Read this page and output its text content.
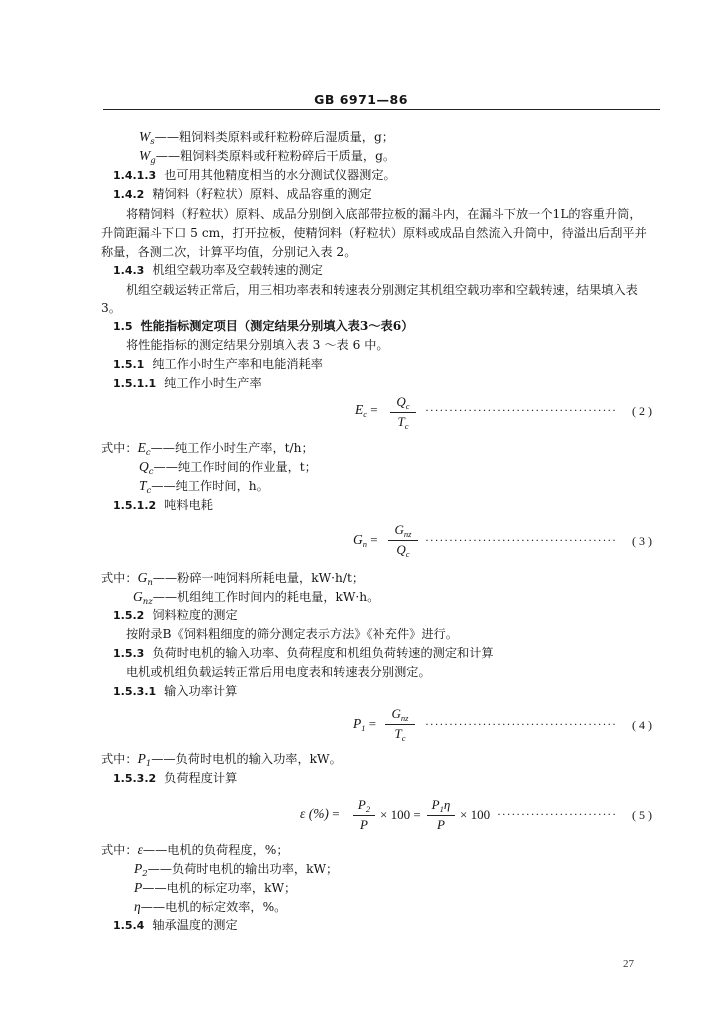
GB 6971—86
$W_s——$粗饲料类原料或秆粒粉碎后湿质量，g；
$W_g——$粗饲料类原料或秆粒粉碎后干质量，g。
1.4.1.3 也可用其他精度相当的水分测试仪器测定。
1.4.2 精饲料（籽粒状）原料、成品容重的测定
将精饲料（籽粒状）原料、成品分别倒入底部带拉板的漏斗内，在漏斗下放一个1L的容重升筒，
升筒距漏斗下口 5 cm，打开拉板，使精饲料（籽粒状）原料或成品自然流入升筒中，待溢出后刮平并
称量，各测二次，计算平均值，分别记入表 2。
1.4.3 机组空载功率及空载转速的测定
机组空载运转正常后，用三相功率表和转速表分别测定其机组空载功率和空载转速，结果填入表
3。
1.5 性能指标测定项目（测定结果分别填入表3～表6）
将性能指标的测定结果分别填入表 3 ～表 6 中。
1.5.1 纯工作小时生产率和电能消耗率
1.5.1.1 纯工作小时生产率
$E_c = \frac{Q_c}{T_c}$ ········································	( 2 )
式中：$E_c——$纯工作小时生产率，t/h；
$Q_c——$纯工作时间的作业量，t；
$T_c——$纯工作时间，h。
1.5.1.2 吨料电耗
$G_n$ =
$G_{nz}$
$Q_c$
········································	( 3 )
式中：$G_n——$粉碎一吨饲料所耗电量，kW·h/t；
$G_{nz}——$机组纯工作时间内的耗电量，kW·h。
1.5.2 饲料粒度的测定
按附录B《饲料粗细度的筛分测定表示方法》《补充件》进行。
1.5.3 负荷时电机的输入功率、负荷程度和机组负荷转速的测定和计算
电机或机组负载运转正常后用电度表和转速表分别测定。
1.5.3.1 输入功率计算
$P_1$ =
$G_{nz}$
$T_c$
········································	( 4 )
式中：$P_1——$负荷时电机的输入功率，kW。
1.5.3.2 负荷程度计算
ε (%) = $\frac{P_2}{P} \times 100 = \frac{P_1\eta}{P} \times 100$ ·························	( 5 )
式中：ε——电机的负荷程度，%；
$P_2——$负荷时电机的输出功率，kW；
P——电机的标定功率，kW；
η——电机的标定效率，%。
1.5.4 轴承温度的测定
27
